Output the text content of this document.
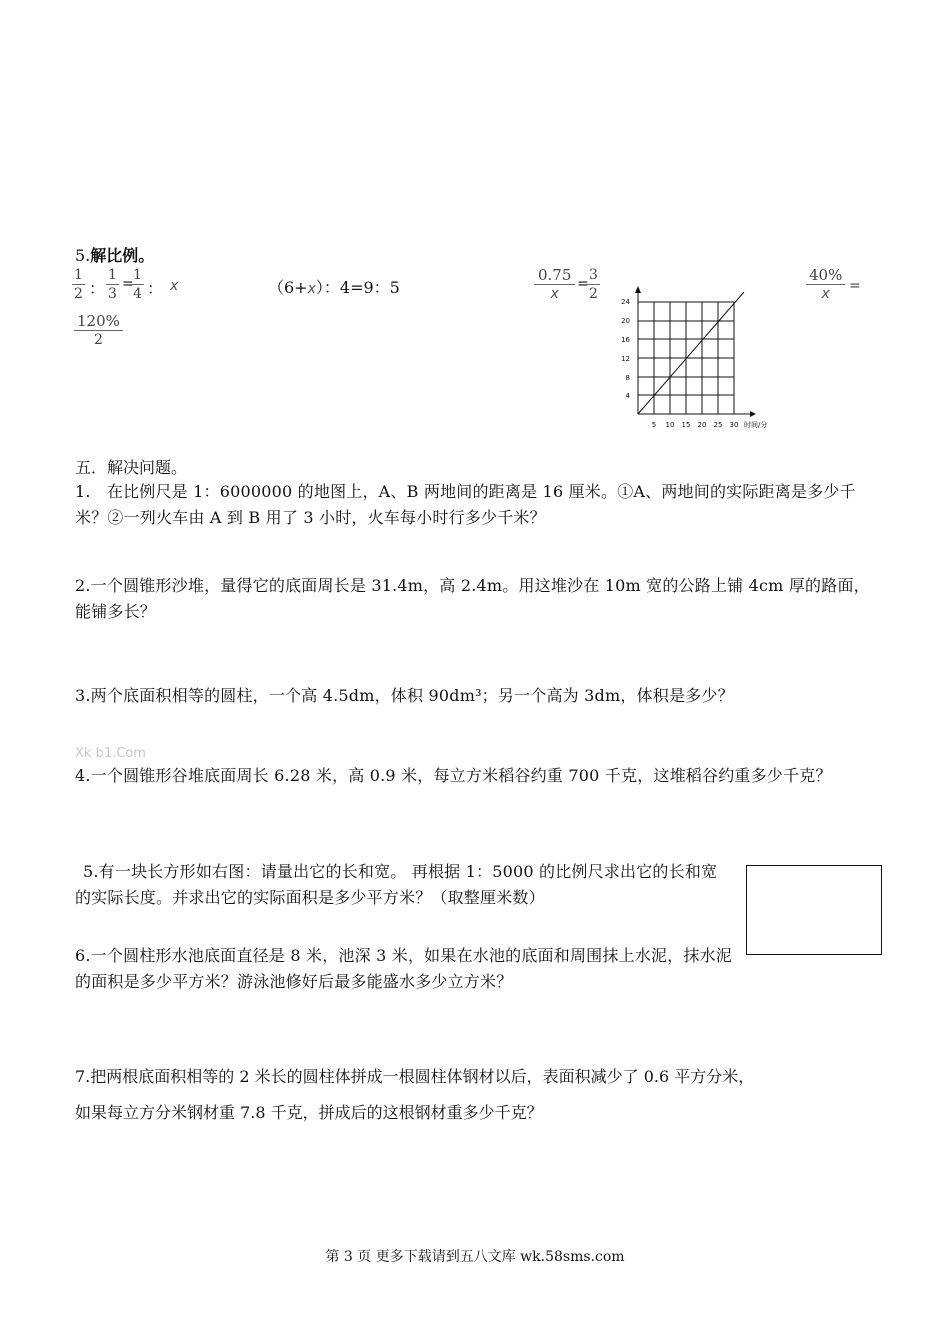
5.解比例。
$\frac{1}{2}$ ： $\frac{1}{3}$ =
$\frac{1}{4}$ ： x	（6+x）：4=9：5	$\frac{0.75}{x}$ =
$\frac{3}{2}$	$\frac{40\%}{x}$ =
$\frac{120\%}{2}$
24
20
16
12
8
4
5 10 15 20 25 30 时间/分
五．解决问题。
1.　在比例尺是 1：6000000 的地图上，A、B 两地间的距离是 16 厘米。①A、两地间的实际距离是多少千米？②一列火车由 A 到 B 用了 3 小时，火车每小时行多少千米？
2.一个圆锥形沙堆，量得它的底面周长是 31.4m，高 2.4m。用这堆沙在 10m 宽的公路上铺 4cm 厚的路面，能铺多长？
3.两个底面积相等的圆柱，一个高 4.5dm，体积 90dm³；另一个高为 3dm，体积是多少？
Xk b1.Com
4.一个圆锥形谷堆底面周长 6.28 米，高 0.9 米，每立方米稻谷约重 700 千克，这堆稻谷约重多少千克？
5.有一块长方形如右图：请量出它的长和宽。 再根据 1：5000 的比例尺求出它的长和宽的实际长度。并求出它的实际面积是多少平方米？（取整厘米数）
6.一个圆柱形水池底面直径是 8 米，池深 3 米，如果在水池的底面和周围抹上水泥，抹水泥的面积是多少平方米？游泳池修好后最多能盛水多少立方米？
7.把两根底面积相等的 2 米长的圆柱体拼成一根圆柱体钢材以后，表面积减少了 0.6 平方分米，
如果每立方分米钢材重 7.8 千克，拼成后的这根钢材重多少千克？
第 3 页 更多下载请到五八文库 wk.58sms.com
